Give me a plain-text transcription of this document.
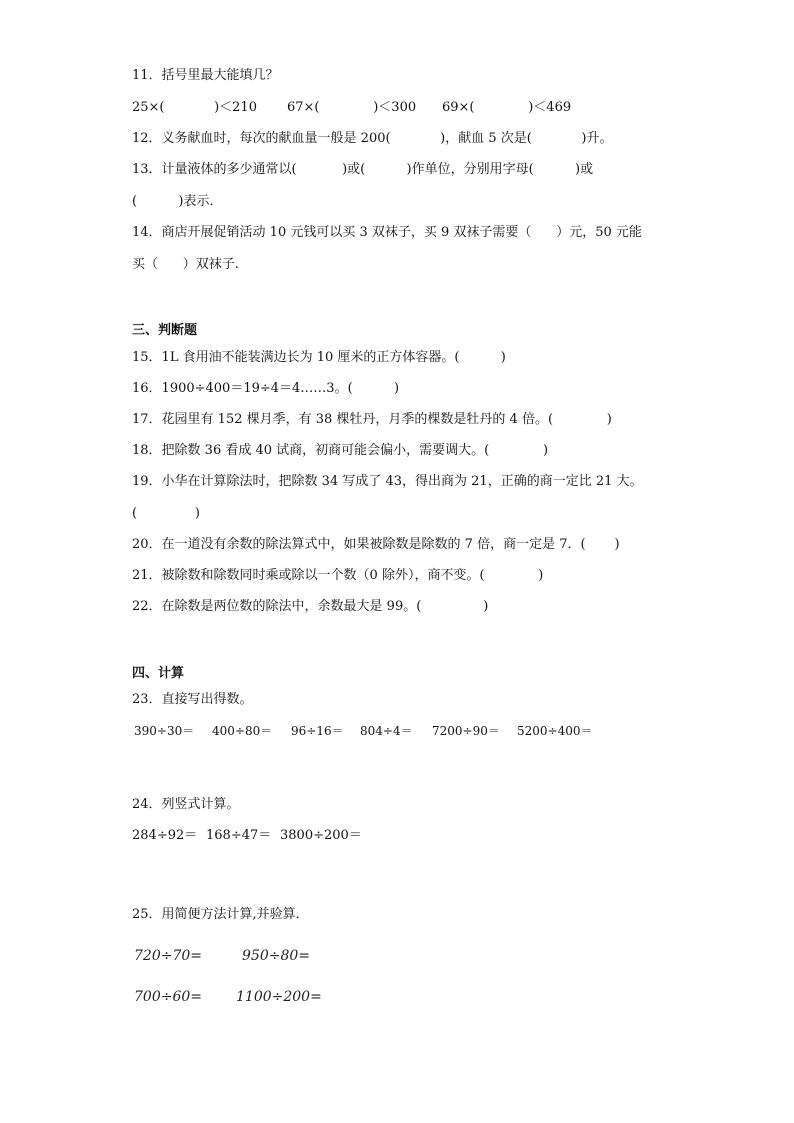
11．括号里最大能填几？
25×(            )＜210 67×(             )＜300 69×(             )＜469
12．义务献血时，每次的献血量一般是 200(            )，献血 5 次是(            )升。
13．计量液体的多少通常以(           )或(          )作单位，分别用字母(          )或
(          )表示．
14．商店开展促销活动 10 元钱可以买 3 双袜子，买 9 双袜子需要（      ）元，50 元能
买（      ）双袜子.
三、判断题
15．1L 食用油不能装满边长为 10 厘米的正方体容器。(          )
16．1900÷400＝19÷4＝4……3。(          )
17．花园里有 152 棵月季，有 38 棵牡丹，月季的棵数是牡丹的 4 倍。(             )
18．把除数 36 看成 40 试商，初商可能会偏小，需要调大。(             )
19．小华在计算除法时，把除数 34 写成了 43，得出商为 21，正确的商一定比 21 大。
(              )
20．在一道没有余数的除法算式中，如果被除数是除数的 7 倍，商一定是 7．(       )
21．被除数和除数同时乘或除以一个数（0 除外），商不变。(             )
22．在除数是两位数的除法中，余数最大是 99。(               )
四、计算
23．直接写出得数。
390÷30＝ 400÷80＝ 96÷16＝ 804÷4＝ 7200÷90＝ 5200÷400＝
24．列竖式计算。
284÷92＝ 168÷47＝ 3800÷200＝
25．用简便方法计算,并验算．
720÷70=	950÷80=
700÷60= 1100÷200=
